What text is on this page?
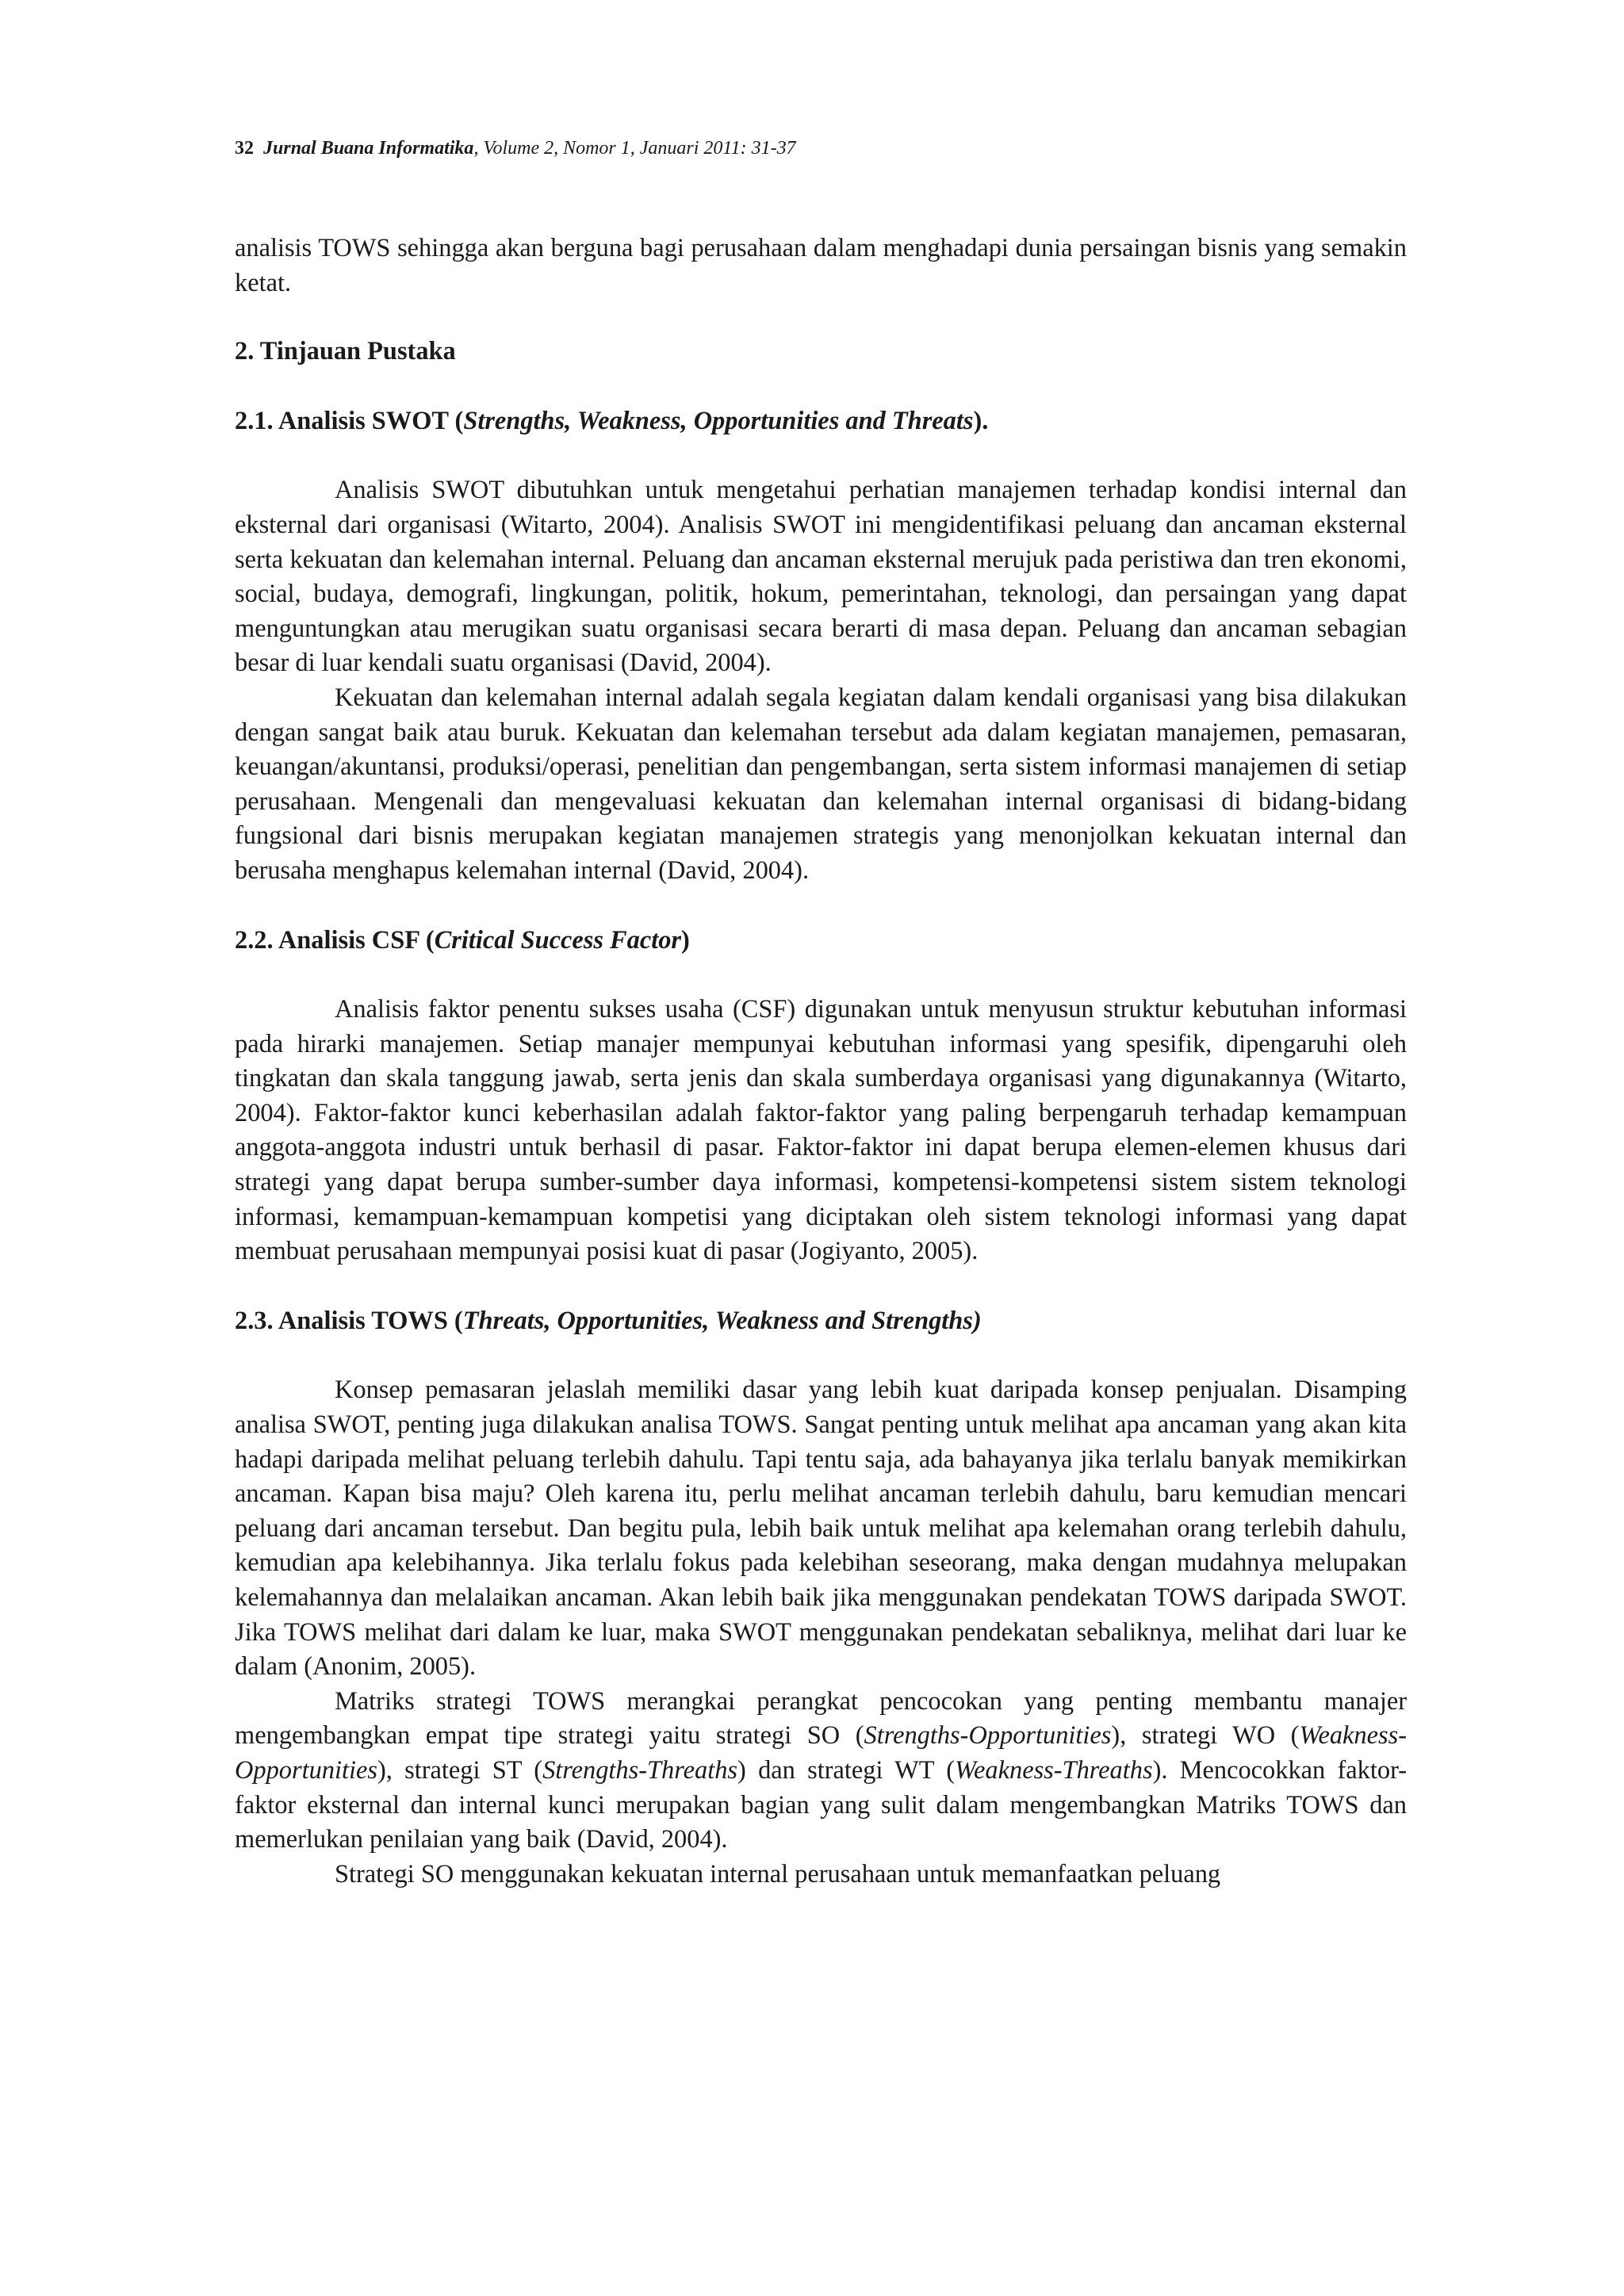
32 Jurnal Buana Informatika, Volume 2, Nomor 1, Januari 2011: 31-37

analisis TOWS sehingga akan berguna bagi perusahaan dalam menghadapi dunia persaingan bisnis yang semakin ketat.

2. Tinjauan Pustaka
2.1. Analisis SWOT (Strengths, Weakness, Opportunities and Threats).

Analisis SWOT dibutuhkan untuk mengetahui perhatian manajemen terhadap kondisi internal dan eksternal dari organisasi (Witarto, 2004). Analisis SWOT ini mengidentifikasi peluang dan ancaman eksternal serta kekuatan dan kelemahan internal. Peluang dan ancaman eksternal merujuk pada peristiwa dan tren ekonomi, social, budaya, demografi, lingkungan, politik, hokum, pemerintahan, teknologi, dan persaingan yang dapat menguntungkan atau merugikan suatu organisasi secara berarti di masa depan. Peluang dan ancaman sebagian besar di luar kendali suatu organisasi (David, 2004).

Kekuatan dan kelemahan internal adalah segala kegiatan dalam kendali organisasi yang bisa dilakukan dengan sangat baik atau buruk. Kekuatan dan kelemahan tersebut ada dalam kegiatan manajemen, pemasaran, keuangan/akuntansi, produksi/operasi, penelitian dan pengembangan, serta sistem informasi manajemen di setiap perusahaan. Mengenali dan mengevaluasi kekuatan dan kelemahan internal organisasi di bidang-bidang fungsional dari bisnis merupakan kegiatan manajemen strategis yang menonjolkan kekuatan internal dan berusaha menghapus kelemahan internal (David, 2004).

2.2. Analisis CSF (Critical Success Factor)

Analisis faktor penentu sukses usaha (CSF) digunakan untuk menyusun struktur kebutuhan informasi pada hirarki manajemen. Setiap manajer mempunyai kebutuhan informasi yang spesifik, dipengaruhi oleh tingkatan dan skala tanggung jawab, serta jenis dan skala sumberdaya organisasi yang digunakannya (Witarto, 2004). Faktor-faktor kunci keberhasilan adalah faktor-faktor yang paling berpengaruh terhadap kemampuan anggota-anggota industri untuk berhasil di pasar. Faktor-faktor ini dapat berupa elemen-elemen khusus dari strategi yang dapat berupa sumber-sumber daya informasi, kompetensi-kompetensi sistem sistem teknologi informasi, kemampuan-kemampuan kompetisi yang diciptakan oleh sistem teknologi informasi yang dapat membuat perusahaan mempunyai posisi kuat di pasar (Jogiyanto, 2005).

2.3. Analisis TOWS (Threats, Opportunities, Weakness and Strengths)

Konsep pemasaran jelaslah memiliki dasar yang lebih kuat daripada konsep penjualan. Disamping analisa SWOT, penting juga dilakukan analisa TOWS. Sangat penting untuk melihat apa ancaman yang akan kita hadapi daripada melihat peluang terlebih dahulu. Tapi tentu saja, ada bahayanya jika terlalu banyak memikirkan ancaman. Kapan bisa maju? Oleh karena itu, perlu melihat ancaman terlebih dahulu, baru kemudian mencari peluang dari ancaman tersebut. Dan begitu pula, lebih baik untuk melihat apa kelemahan orang terlebih dahulu, kemudian apa kelebihannya. Jika terlalu fokus pada kelebihan seseorang, maka dengan mudahnya melupakan kelemahannya dan melalaikan ancaman. Akan lebih baik jika menggunakan pendekatan TOWS daripada SWOT. Jika TOWS melihat dari dalam ke luar, maka SWOT menggunakan pendekatan sebaliknya, melihat dari luar ke dalam (Anonim, 2005).

Matriks strategi TOWS merangkai perangkat pencocokan yang penting membantu manajer mengembangkan empat tipe strategi yaitu strategi SO (Strengths-Opportunities), strategi WO (Weakness-Opportunities), strategi ST (Strengths-Threaths) dan strategi WT (Weakness-Threaths). Mencocokkan faktor-faktor eksternal dan internal kunci merupakan bagian yang sulit dalam mengembangkan Matriks TOWS dan memerlukan penilaian yang baik (David, 2004).

Strategi SO menggunakan kekuatan internal perusahaan untuk memanfaatkan peluang
